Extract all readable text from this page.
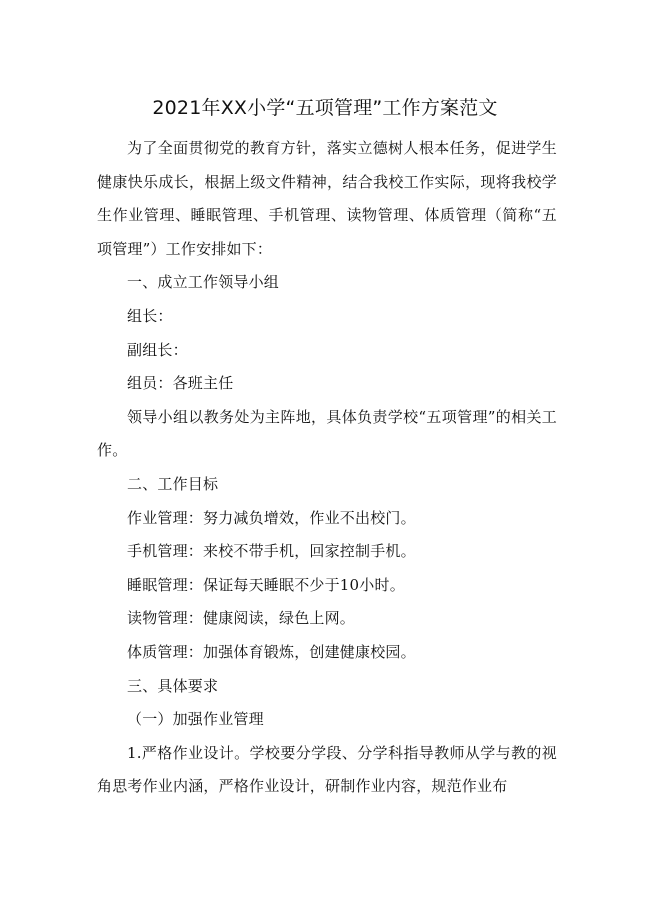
2021年XX小学“五项管理”工作方案范文

为了全面贯彻党的教育方针，落实立德树人根本任务，促进学生健康快乐成长，根据上级文件精神，结合我校工作实际，现将我校学生作业管理、睡眠管理、手机管理、读物管理、体质管理（简称“五项管理”）工作安排如下：

一、成立工作领导小组

组长：

副组长：

组员：各班主任

领导小组以教务处为主阵地，具体负责学校“五项管理”的相关工作。

二、工作目标

作业管理：努力减负增效，作业不出校门。

手机管理：来校不带手机，回家控制手机。

睡眠管理：保证每天睡眠不少于10小时。

读物管理：健康阅读，绿色上网。

体质管理：加强体育锻炼，创建健康校园。

三、具体要求

（一）加强作业管理

1.严格作业设计。学校要分学段、分学科指导教师从学与教的视角思考作业内涵，严格作业设计，研制作业内容，规范作业布
